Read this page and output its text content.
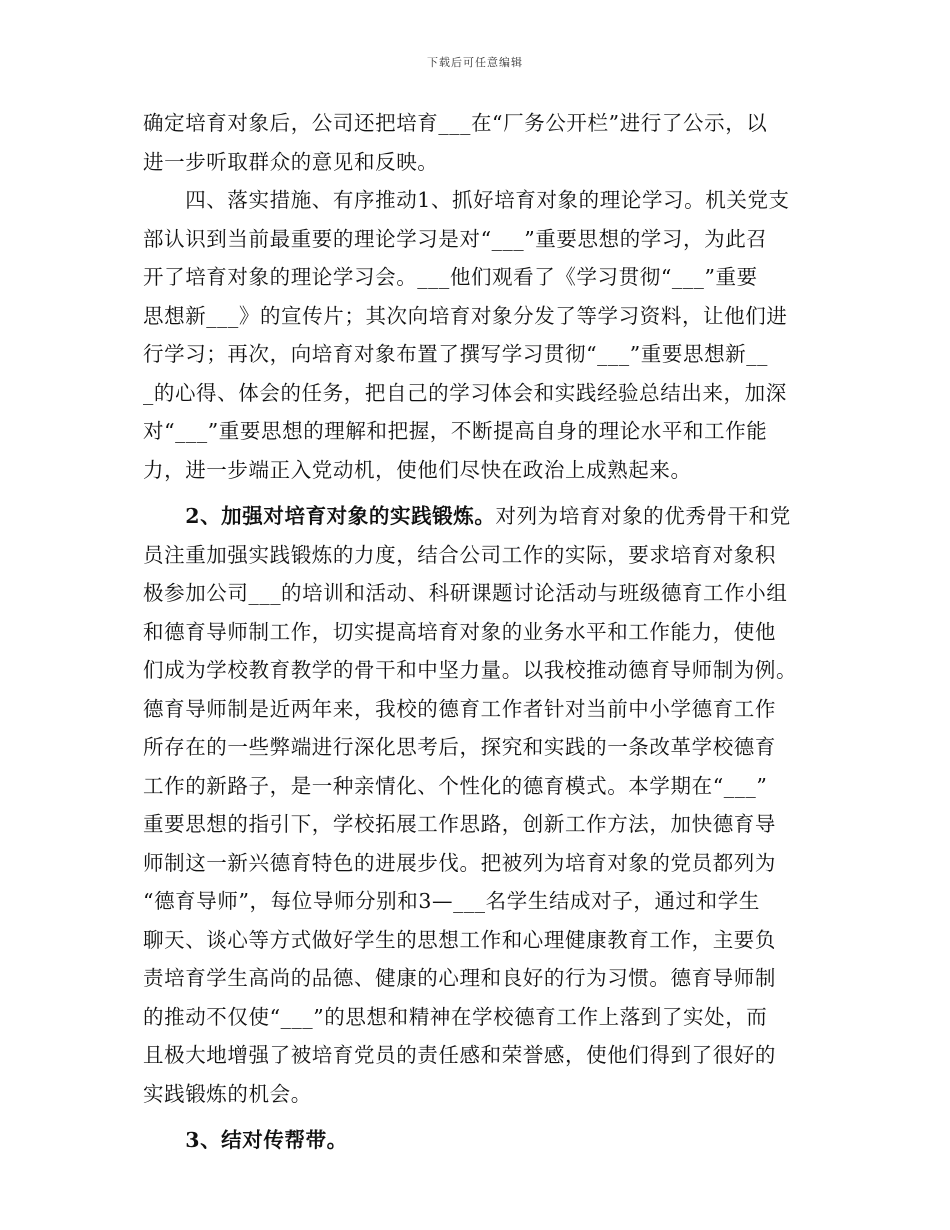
下载后可任意编辑
确定培育对象后，公司还把培育___在“厂务公开栏”进行了公示，以
进一步听取群众的意见和反映。
　　四、落实措施、有序推动1、抓好培育对象的理论学习。机关党支
部认识到当前最重要的理论学习是对“___”重要思想的学习，为此召
开了培育对象的理论学习会。___他们观看了《学习贯彻“___”重要
思想新___》的宣传片；其次向培育对象分发了等学习资料，让他们进
行学习；再次，向培育对象布置了撰写学习贯彻“___”重要思想新__
_的心得、体会的任务，把自己的学习体会和实践经验总结出来，加深
对“___”重要思想的理解和把握，不断提高自身的理论水平和工作能
力，进一步端正入党动机，使他们尽快在政治上成熟起来。
　　2、加强对培育对象的实践锻炼。对列为培育对象的优秀骨干和党
员注重加强实践锻炼的力度，结合公司工作的实际，要求培育对象积
极参加公司___的培训和活动、科研课题讨论活动与班级德育工作小组
和德育导师制工作，切实提高培育对象的业务水平和工作能力，使他
们成为学校教育教学的骨干和中坚力量。以我校推动德育导师制为例。
德育导师制是近两年来，我校的德育工作者针对当前中小学德育工作
所存在的一些弊端进行深化思考后，探究和实践的一条改革学校德育
工作的新路子，是一种亲情化、个性化的德育模式。本学期在“___”
重要思想的指引下，学校拓展工作思路，创新工作方法，加快德育导
师制这一新兴德育特色的进展步伐。把被列为培育对象的党员都列为
“德育导师”，每位导师分别和3—___名学生结成对子，通过和学生
聊天、谈心等方式做好学生的思想工作和心理健康教育工作，主要负
责培育学生高尚的品德、健康的心理和良好的行为习惯。德育导师制
的推动不仅使“___”的思想和精神在学校德育工作上落到了实处，而
且极大地增强了被培育党员的责任感和荣誉感，使他们得到了很好的
实践锻炼的机会。
　　3、结对传帮带。
